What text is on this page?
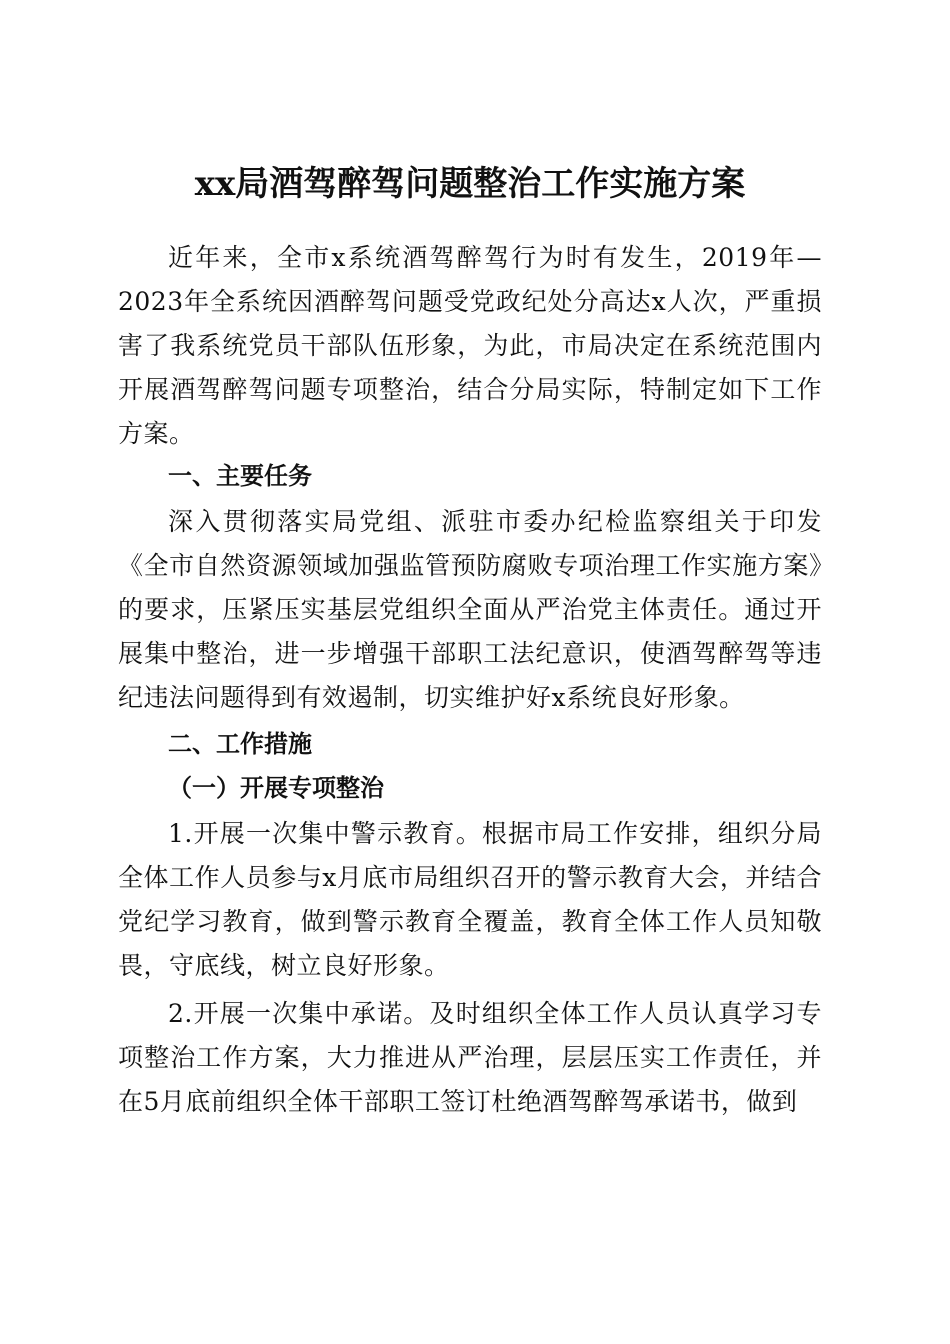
xx局酒驾醉驾问题整治工作实施方案

近年来，全市x系统酒驾醉驾行为时有发生，2019年—2023年全系统因酒醉驾问题受党政纪处分高达x人次，严重损害了我系统党员干部队伍形象，为此，市局决定在系统范围内开展酒驾醉驾问题专项整治，结合分局实际，特制定如下工作方案。

一、主要任务

深入贯彻落实局党组、派驻市委办纪检监察组关于印发《全市自然资源领域加强监管预防腐败专项治理工作实施方案》的要求，压紧压实基层党组织全面从严治党主体责任。通过开展集中整治，进一步增强干部职工法纪意识，使酒驾醉驾等违纪违法问题得到有效遏制，切实维护好x系统良好形象。

二、工作措施
（一）开展专项整治

1.开展一次集中警示教育。根据市局工作安排，组织分局全体工作人员参与x月底市局组织召开的警示教育大会，并结合党纪学习教育，做到警示教育全覆盖，教育全体工作人员知敬畏，守底线，树立良好形象。

2.开展一次集中承诺。及时组织全体工作人员认真学习专项整治工作方案，大力推进从严治理，层层压实工作责任，并在5月底前组织全体干部职工签订杜绝酒驾醉驾承诺书，做到
